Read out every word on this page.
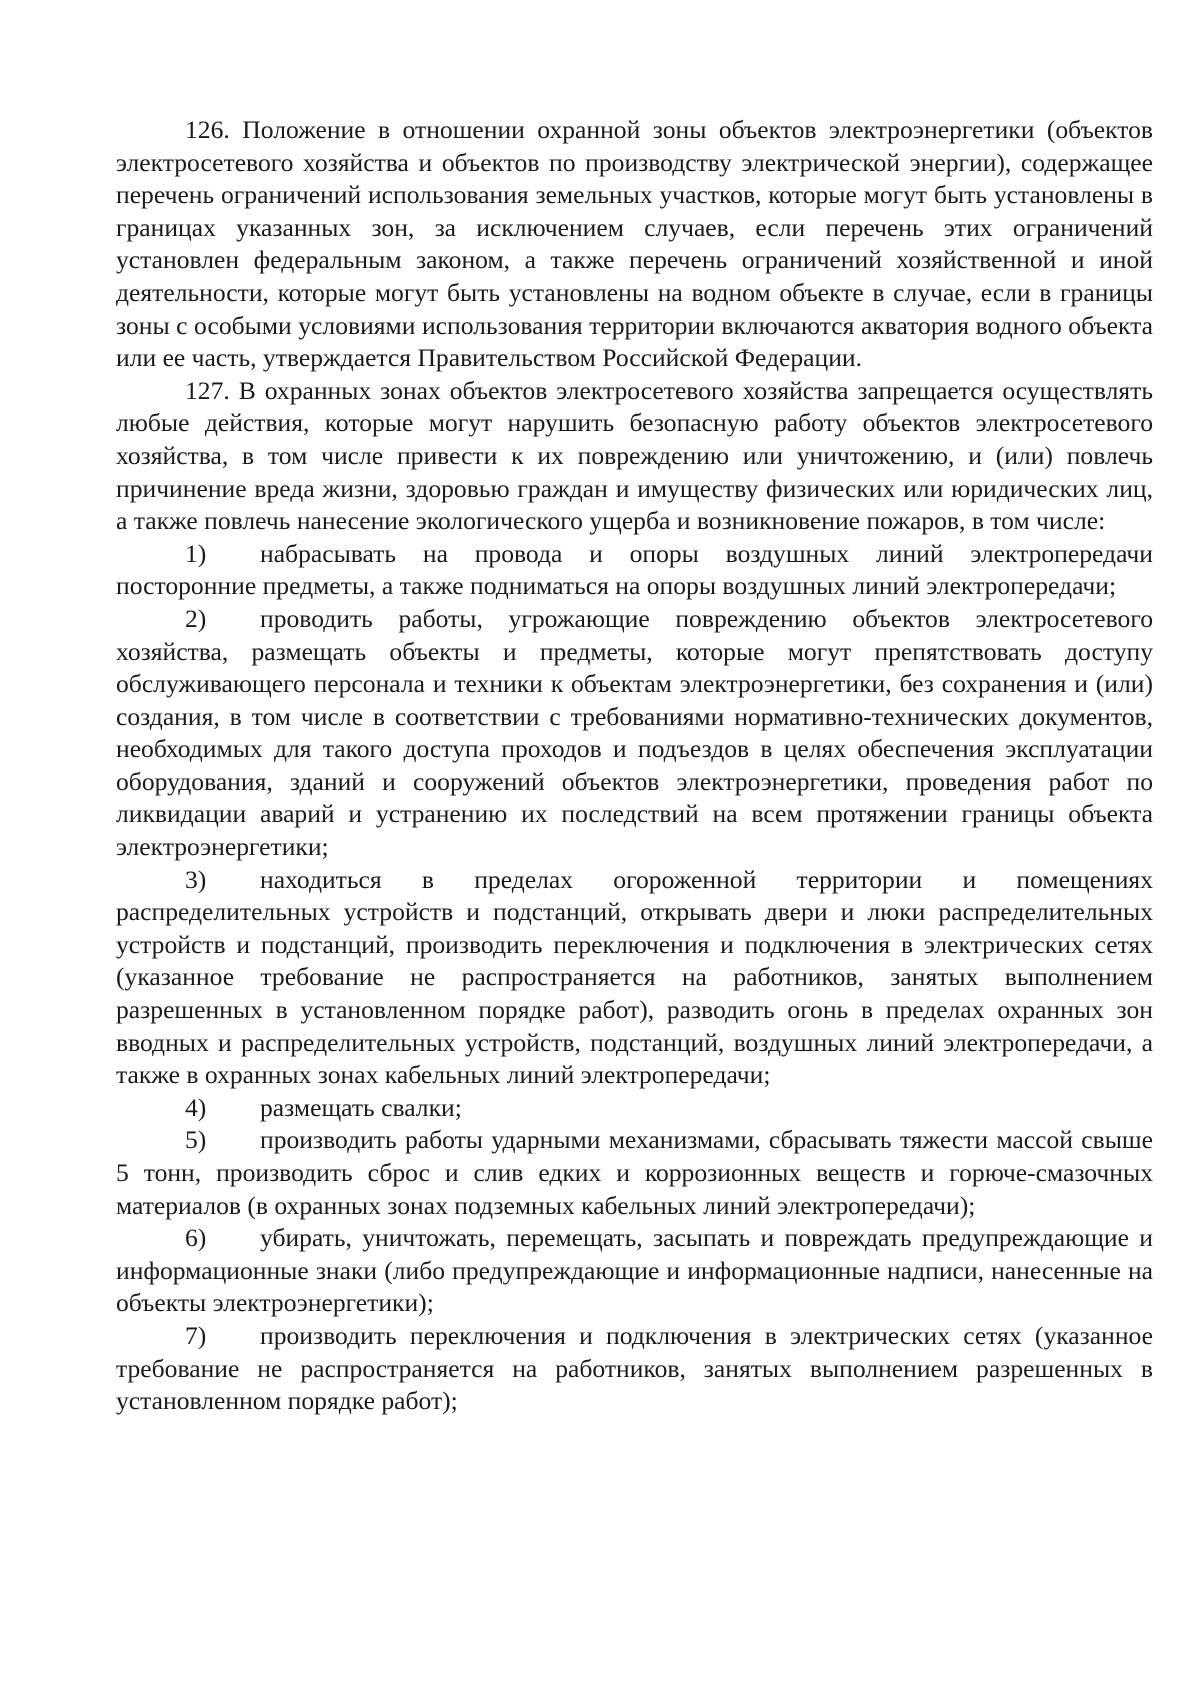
126. Положение в отношении охранной зоны объектов электроэнергетики (объектов электросетевого хозяйства и объектов по производству электрической энергии), содержащее перечень ограничений использования земельных участков, которые могут быть установлены в границах указанных зон, за исключением случаев, если перечень этих ограничений установлен федеральным законом, а также перечень ограничений хозяйственной и иной деятельности, которые могут быть установлены на водном объекте в случае, если в границы зоны с особыми условиями использования территории включаются акватория водного объекта или ее часть, утверждается Правительством Российской Федерации.

127. В охранных зонах объектов электросетевого хозяйства запрещается осуществлять любые действия, которые могут нарушить безопасную работу объектов электросетевого хозяйства, в том числе привести к их повреждению или уничтожению, и (или) повлечь причинение вреда жизни, здоровью граждан и имуществу физических или юридических лиц, а также повлечь нанесение экологического ущерба и возникновение пожаров, в том числе:

1) набрасывать на провода и опоры воздушных линий электропередачи посторонние предметы, а также подниматься на опоры воздушных линий электропередачи;

2) проводить работы, угрожающие повреждению объектов электросетевого хозяйства, размещать объекты и предметы, которые могут препятствовать доступу обслуживающего персонала и техники к объектам электроэнергетики, без сохранения и (или) создания, в том числе в соответствии с требованиями нормативно-технических документов, необходимых для такого доступа проходов и подъездов в целях обеспечения эксплуатации оборудования, зданий и сооружений объектов электроэнергетики, проведения работ по ликвидации аварий и устранению их последствий на всем протяжении границы объекта электроэнергетики;

3) находиться в пределах огороженной территории и помещениях распределительных устройств и подстанций, открывать двери и люки распределительных устройств и подстанций, производить переключения и подключения в электрических сетях (указанное требование не распространяется на работников, занятых выполнением разрешенных в установленном порядке работ), разводить огонь в пределах охранных зон вводных и распределительных устройств, подстанций, воздушных линий электропередачи, а также в охранных зонах кабельных линий электропередачи;

4) размещать свалки;

5) производить работы ударными механизмами, сбрасывать тяжести массой свыше 5 тонн, производить сброс и слив едких и коррозионных веществ и горюче-смазочных материалов (в охранных зонах подземных кабельных линий электропередачи);

6) убирать, уничтожать, перемещать, засыпать и повреждать предупреждающие и информационные знаки (либо предупреждающие и информационные надписи, нанесенные на объекты электроэнергетики);

7) производить переключения и подключения в электрических сетях (указанное требование не распространяется на работников, занятых выполнением разрешенных в установленном порядке работ);
